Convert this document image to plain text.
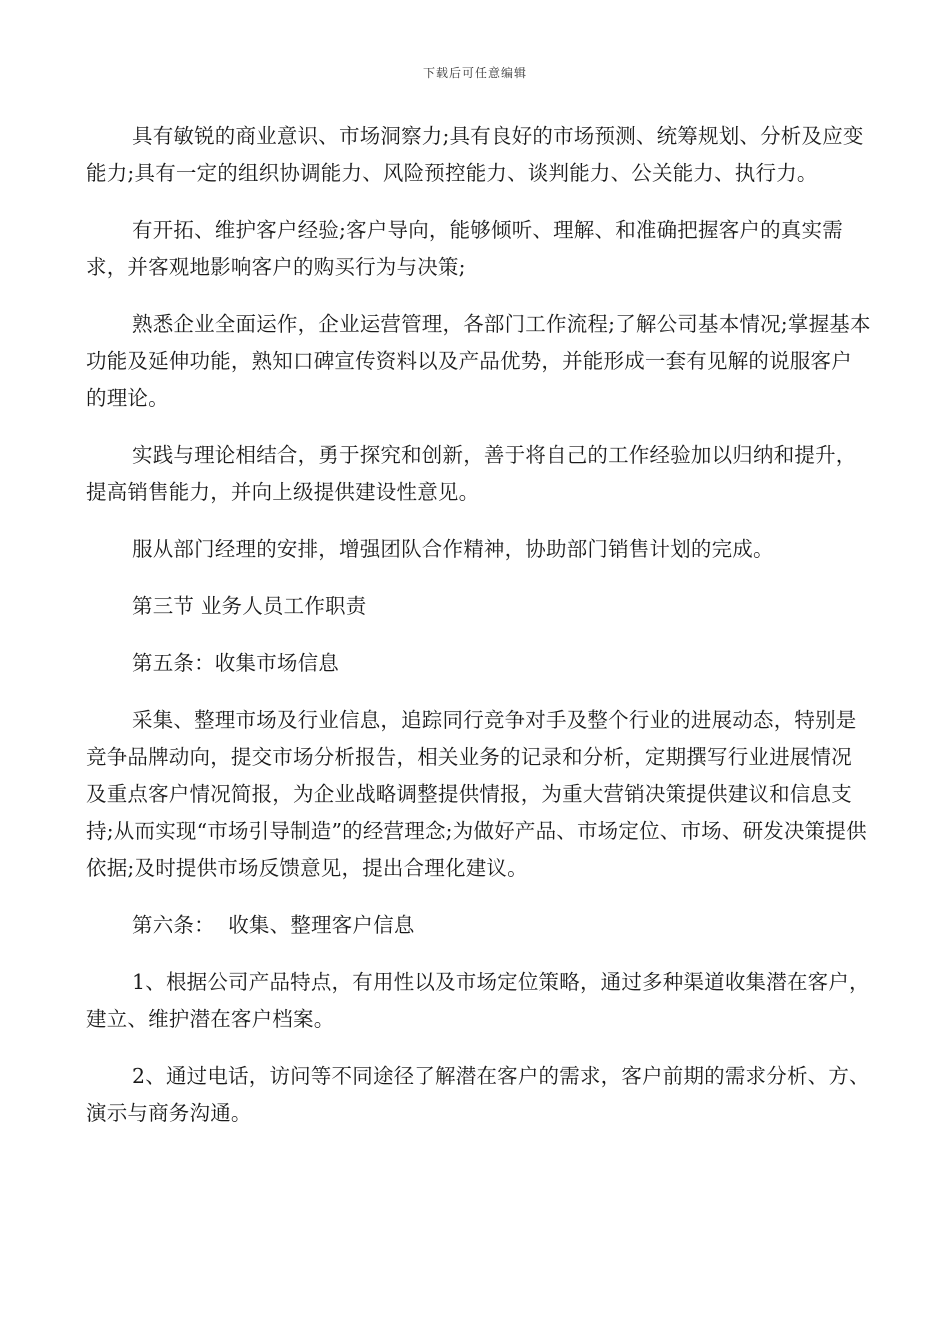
下载后可任意编辑

具有敏锐的商业意识、市场洞察力;具有良好的市场预测、统筹规划、分析及应变能力;具有一定的组织协调能力、风险预控能力、谈判能力、公关能力、执行力。

有开拓、维护客户经验;客户导向，能够倾听、理解、和准确把握客户的真实需求，并客观地影响客户的购买行为与决策;

熟悉企业全面运作，企业运营管理，各部门工作流程;了解公司基本情况;掌握基本功能及延伸功能，熟知口碑宣传资料以及产品优势，并能形成一套有见解的说服客户的理论。

实践与理论相结合，勇于探究和创新，善于将自己的工作经验加以归纳和提升，提高销售能力，并向上级提供建设性意见。

服从部门经理的安排，增强团队合作精神，协助部门销售计划的完成。

第三节 业务人员工作职责

第五条：收集市场信息

采集、整理市场及行业信息，追踪同行竞争对手及整个行业的进展动态，特别是竞争品牌动向，提交市场分析报告，相关业务的记录和分析，定期撰写行业进展情况及重点客户情况简报，为企业战略调整提供情报，为重大营销决策提供建议和信息支持;从而实现“市场引导制造”的经营理念;为做好产品、市场定位、市场、研发决策提供依据;及时提供市场反馈意见，提出合理化建议。

第六条：  收集、整理客户信息

1、根据公司产品特点，有用性以及市场定位策略，通过多种渠道收集潜在客户，建立、维护潜在客户档案。

2、通过电话，访问等不同途径了解潜在客户的需求，客户前期的需求分析、方、演示与商务沟通。
